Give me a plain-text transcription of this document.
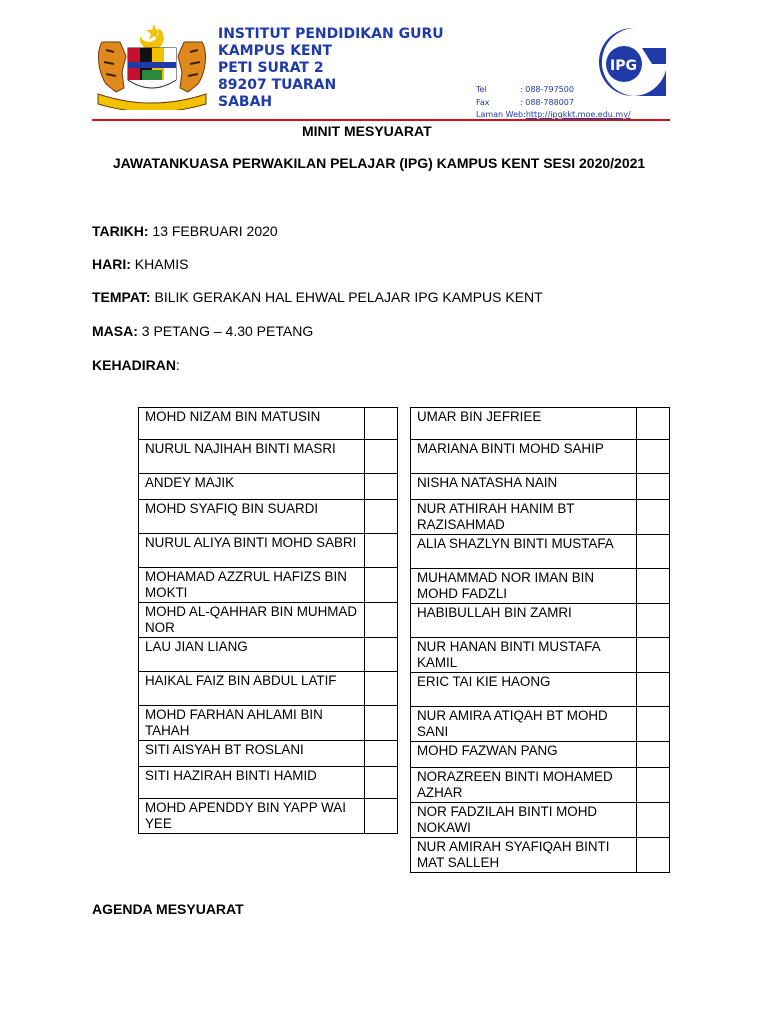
INSTITUT PENDIDIKAN GURU
KAMPUS KENT
PETI SURAT 2
89207 TUARAN
SABAH
IPG
Tel	: 088-797500
Fax	: 088-788007
Laman Web:http://ipgkkt.moe.edu.my/
MINIT MESYUARAT
JAWATANKUASA PERWAKILAN PELAJAR (IPG) KAMPUS KENT SESI 2020/2021
TARIKH: 13 FEBRUARI 2020
HARI: KHAMIS
TEMPAT: BILIK GERAKAN HAL EHWAL PELAJAR IPG KAMPUS KENT
MASA: 3 PETANG – 4.30 PETANG
KEHADIRAN:
MOHD NIZAM BIN MATUSIN	
NURUL NAJIHAH BINTI MASRI	
ANDEY MAJIK	
MOHD SYAFIQ BIN SUARDI	
NURUL ALIYA BINTI MOHD SABRI	
MOHAMAD AZZRUL HAFIZS BIN MOKTI	
MOHD AL-QAHHAR BIN MUHMAD NOR	
LAU JIAN LIANG	
HAIKAL FAIZ BIN ABDUL LATIF	
MOHD FARHAN AHLAMI BIN TAHAH	
SITI AISYAH BT ROSLANI	
SITI HAZIRAH BINTI HAMID	
MOHD APENDDY BIN YAPP WAI YEE	
UMAR BIN JEFRIEE	
MARIANA BINTI MOHD SAHIP	
NISHA NATASHA NAIN	
NUR ATHIRAH HANIM BT RAZISAHMAD	
ALIA SHAZLYN BINTI MUSTAFA	
MUHAMMAD NOR IMAN BIN MOHD FADZLI	
HABIBULLAH BIN ZAMRI	
NUR HANAN BINTI MUSTAFA KAMIL	
ERIC TAI KIE HAONG	
NUR AMIRA ATIQAH BT MOHD SANI	
MOHD FAZWAN PANG	
NORAZREEN BINTI MOHAMED AZHAR	
NOR FADZILAH BINTI MOHD NOKAWI	
NUR AMIRAH SYAFIQAH BINTI MAT SALLEH	
AGENDA MESYUARAT
